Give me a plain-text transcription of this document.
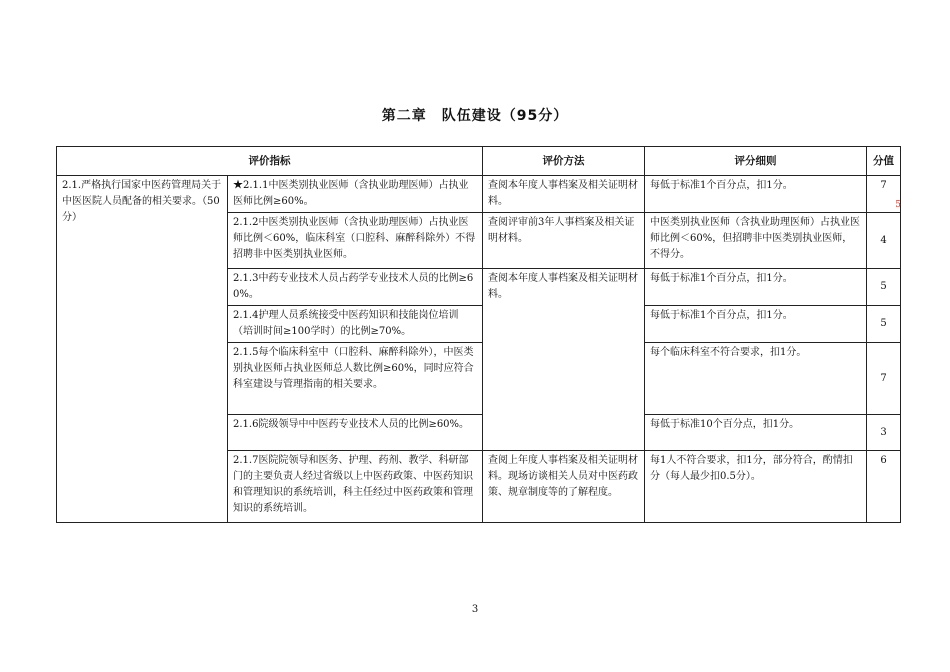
第二章　队伍建设（95分）
评价指标		评价方法	评分细则	分值
2.1.严格执行国家中医药管理局关于中医医院人员配备的相关要求。（50 分）	★2.1.1中医类别执业医师（含执业助理医师）占执业医师比例≥60%。	查阅本年度人事档案及相关证明材料。	每低于标准1个百分点，扣1分。	7
5

	2.1.2中医类别执业医师（含执业助理医师）占执业医师比例＜60%，临床科室（口腔科、麻醉科除外）不得招聘非中医类别执业医师。	查阅评审前3年人事档案及相关证明材料。	中医类别执业医师（含执业助理医师）占执业医师比例＜60%，但招聘非中医类别执业医师，不得分。	4
	2.1.3中药专业技术人员占药学专业技术人员的比例≥60%。	查阅本年度人事档案及相关证明材料。	每低于标准1个百分点，扣1分。	5
	2.1.4护理人员系统接受中医药知识和技能岗位培训（培训时间≥100学时）的比例≥70%。		每低于标准1个百分点，扣1分。	5
	2.1.5每个临床科室中（口腔科、麻醉科除外），中医类别执业医师占执业医师总人数比例≥60%，同时应符合科室建设与管理指南的相关要求。		每个临床科室不符合要求，扣1分。	7
	2.1.6院级领导中中医药专业技术人员的比例≥60%。		每低于标准10个百分点，扣1分。	3
	2.1.7医院院领导和医务、护理、药剂、教学、科研部门的主要负责人经过省级以上中医药政策、中医药知识和管理知识的系统培训，科主任经过中医药政策和管理知识的系统培训。	查阅上年度人事档案及相关证明材料。现场访谈相关人员对中医药政策、规章制度等的了解程度。	每1人不符合要求，扣1分，部分符合，酌情扣分（每人最少扣0.5分）。	6
3
